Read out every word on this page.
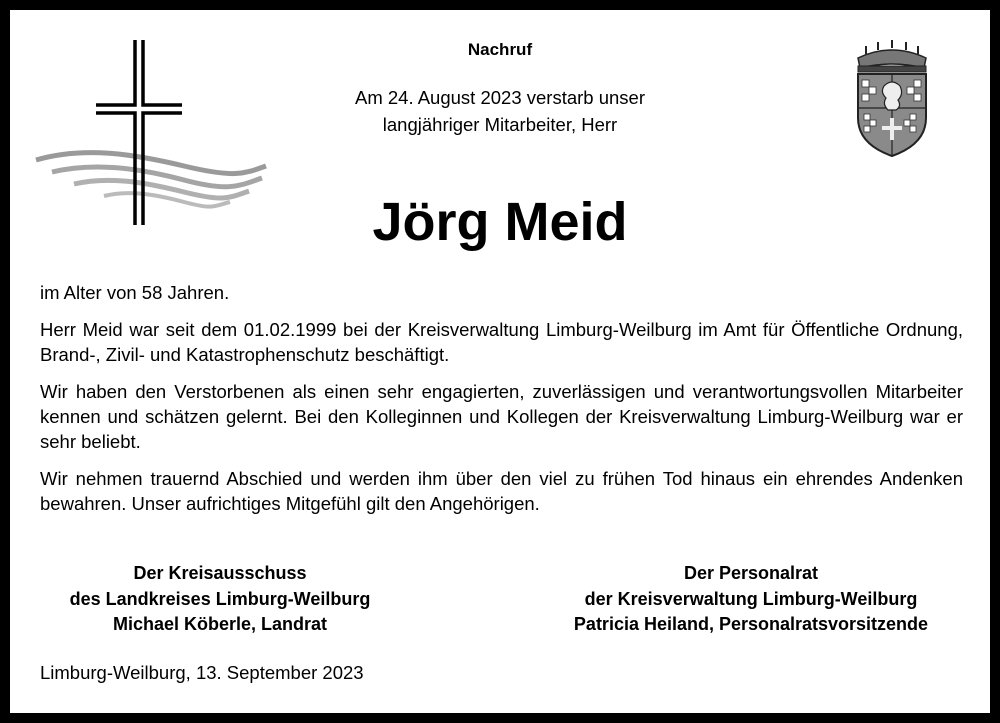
Nachruf
Am 24. August 2023 verstarb unser
langjähriger Mitarbeiter, Herr
Jörg Meid

im Alter von 58 Jahren.

Herr Meid war seit dem 01.02.1999 bei der Kreisverwaltung Limburg-Weilburg im Amt für Öffentliche Ordnung, Brand-, Zivil- und Katastrophenschutz beschäftigt.

Wir haben den Verstorbenen als einen sehr engagierten, zuverlässigen und verantwortungsvollen Mitarbeiter kennen und schätzen gelernt. Bei den Kolleginnen und Kollegen der Kreisverwaltung Limburg-Weilburg war er sehr beliebt.

Wir nehmen trauernd Abschied und werden ihm über den viel zu frühen Tod hinaus ein ehrendes Andenken bewahren. Unser aufrichtiges Mitgefühl gilt den Angehörigen.

Der Kreisausschuss
des Landkreises Limburg-Weilburg
Michael Köberle, Landrat
Der Personalrat
der Kreisverwaltung Limburg-Weilburg
Patricia Heiland, Personalratsvorsitzende
Limburg-Weilburg, 13. September 2023
